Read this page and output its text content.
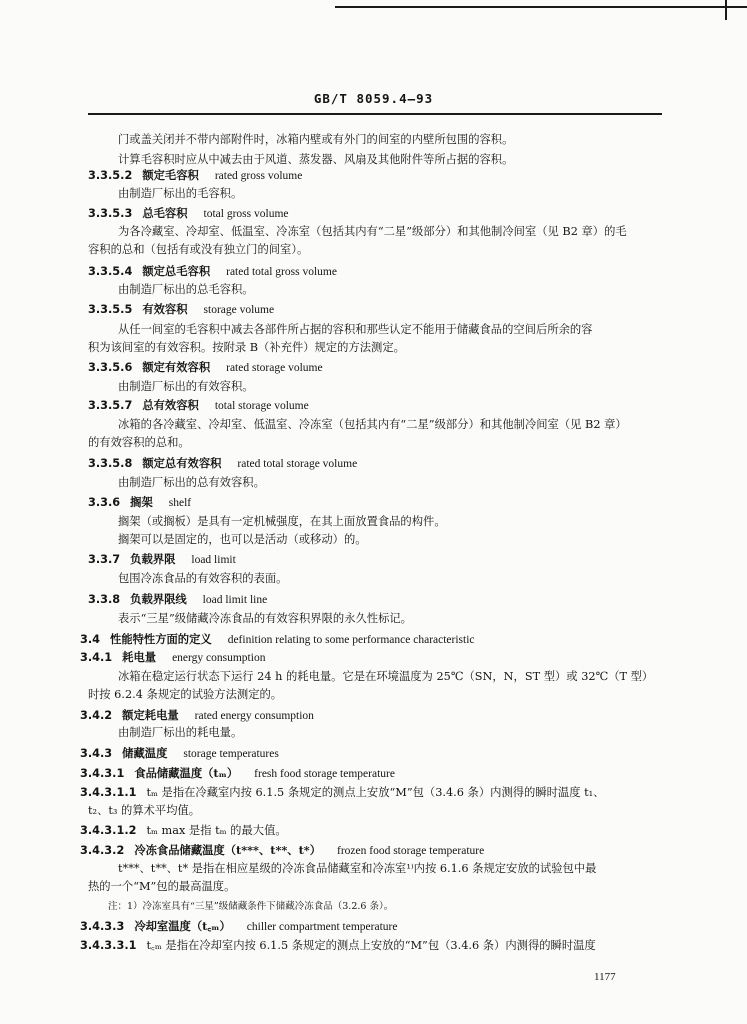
GB/T 8059.4—93
门或盖关闭并不带内部附件时，冰箱内壁或有外门的间室的内壁所包围的容积。
计算毛容积时应从中减去由于风道、蒸发器、风扇及其他附件等所占据的容积。
3.3.5.2 额定毛容积 rated gross volume
由制造厂标出的毛容积。
3.3.5.3 总毛容积 total gross volume
为各冷藏室、冷却室、低温室、冷冻室（包括其内有“二星”级部分）和其他制冷间室（见 B2 章）的毛
容积的总和（包括有或没有独立门的间室）。
3.3.5.4 额定总毛容积 rated total gross volume
由制造厂标出的总毛容积。
3.3.5.5 有效容积 storage volume
从任一间室的毛容积中减去各部件所占据的容积和那些认定不能用于储藏食品的空间后所余的容
积为该间室的有效容积。按附录 B（补充件）规定的方法测定。
3.3.5.6 额定有效容积 rated storage volume
由制造厂标出的有效容积。
3.3.5.7 总有效容积 total storage volume
冰箱的各冷藏室、冷却室、低温室、冷冻室（包括其内有“二星”级部分）和其他制冷间室（见 B2 章）
的有效容积的总和。
3.3.5.8 额定总有效容积 rated total storage volume
由制造厂标出的总有效容积。
3.3.6 搁架 shelf
搁架（或搁板）是具有一定机械强度，在其上面放置食品的构件。
搁架可以是固定的，也可以是活动（或移动）的。
3.3.7 负载界限 load limit
包围冷冻食品的有效容积的表面。
3.3.8 负载界限线 load limit line
表示“三星”级储藏冷冻食品的有效容积界限的永久性标记。
3.4 性能特性方面的定义 definition relating to some performance characteristic
3.4.1 耗电量 energy consumption
冰箱在稳定运行状态下运行 24 h 的耗电量。它是在环境温度为 25℃（SN，N，ST 型）或 32℃（T 型）
时按 6.2.4 条规定的试验方法测定的。
3.4.2 额定耗电量 rated energy consumption
由制造厂标出的耗电量。
3.4.3 储藏温度 storage temperatures
3.4.3.1 食品储藏温度（tₘ） fresh food storage temperature
3.4.3.1.1 tₘ 是指在冷藏室内按 6.1.5 条规定的测点上安放“M”包（3.4.6 条）内测得的瞬时温度 t₁、
t₂、t₃ 的算术平均值。
3.4.3.1.2 tₘ max 是指 tₘ 的最大值。
3.4.3.2 冷冻食品储藏温度（t***、t**、t*） frozen food storage temperature
t***、t**、t* 是指在相应星级的冷冻食品储藏室和冷冻室¹⁾内按 6.1.6 条规定安放的试验包中最
热的一个“M”包的最高温度。
注：1）冷冻室具有“三星”级储藏条件下储藏冷冻食品（3.2.6 条）。
3.4.3.3 冷却室温度（t꜀ₘ） chiller compartment temperature
3.4.3.3.1 t꜀ₘ 是指在冷却室内按 6.1.5 条规定的测点上安放的“M”包（3.4.6 条）内测得的瞬时温度
1177
